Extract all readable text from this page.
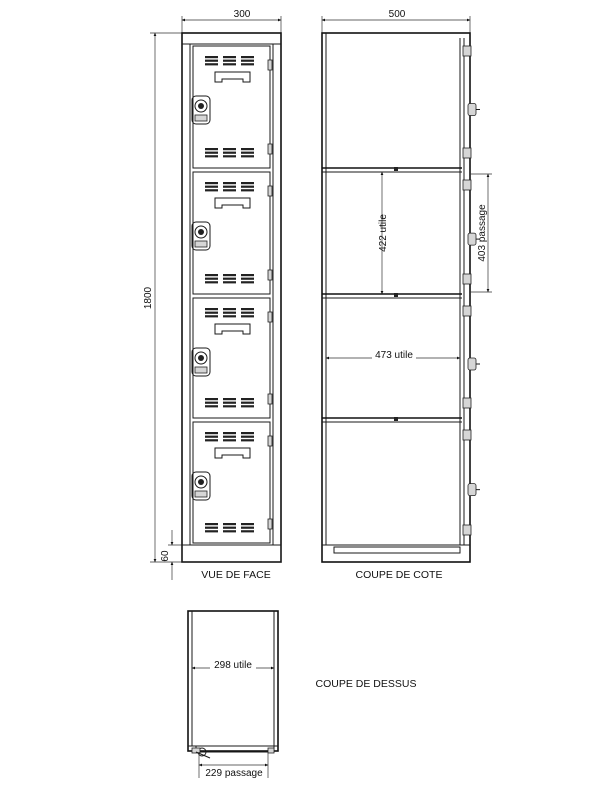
300
1800
60
500
422 utile	403 passage
473 utile
VUE DE FACE	COUPE DE COTE
298 utile
229 passage
COUPE DE DESSUS
